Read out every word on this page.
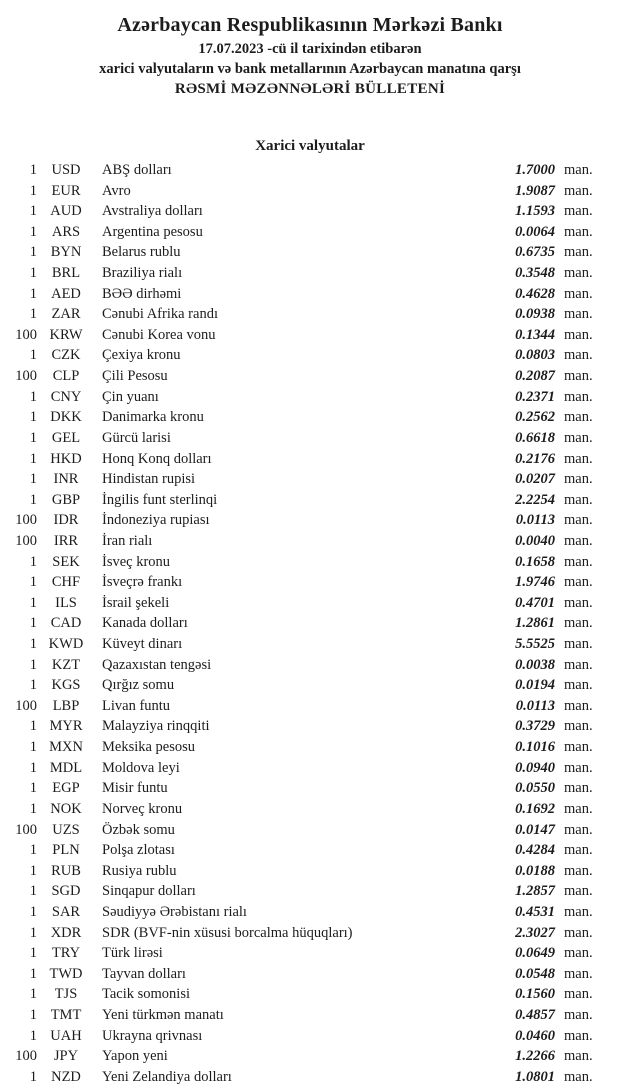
Azərbaycan Respublikasının Mərkəzi Bankı
17.07.2023 -cü il tarixindən etibarən
xarici valyutaların və bank metallarının Azərbaycan manatına qarşı
RƏSMİ MƏZƏNNƏLƏRİ BÜLLETENİ
Xarici valyutalar
1 USD	ABŞ dolları	1.7000 man.
1	EUR	Avro	1.9087 man.
1 AUD	Avstraliya dolları	1.1593 man.
1	ARS	Argentina pesosu	0.0064 man.
1 BYN	Belarus rublu	0.6735 man.
1	BRL	Braziliya rialı	0.3548 man.
1 AED	BƏƏ dirhəmi	0.4628 man.
1	ZAR	Cənubi Afrika randı	0.0938 man.
100 KRW	Cənubi Korea vonu	0.1344 man.
1	CZK	Çexiya kronu	0.0803 man.
100	CLP	Çili Pesosu	0.2087 man.
1 CNY	Çin yuanı	0.2371 man.
1 DKK	Danimarka kronu	0.2562 man.
1	GEL	Gürcü larisi	0.6618 man.
1 HKD	Honq Konq dolları	0.2176 man.
1	INR	Hindistan rupisi	0.0207 man.
1	GBP	İngilis funt sterlinqi	2.2254 man.
100	IDR	İndoneziya rupiası	0.0113 man.
100	IRR	İran rialı	0.0040 man.
1	SEK	İsveç kronu	0.1658 man.
1	CHF	İsveçrə frankı	1.9746 man.
1	ILS	İsrail şekeli	0.4701 man.
1 CAD	Kanada dolları	1.2861 man.
1 KWD	Küveyt dinarı	5.5525 man.
1	KZT	Qazaxıstan tengəsi	0.0038 man.
1 KGS	Qırğız somu	0.0194 man.
100	LBP	Livan funtu	0.0113 man.
1 MYR	Malayziya rinqqiti	0.3729 man.
1 MXN	Meksika pesosu	0.1016 man.
1 MDL	Moldova leyi	0.0940 man.
1	EGP	Misir funtu	0.0550 man.
1 NOK	Norveç kronu	0.1692 man.
100	UZS	Özbək somu	0.0147 man.
1	PLN	Polşa zlotası	0.4284 man.
1 RUB	Rusiya rublu	0.0188 man.
1 SGD	Sinqapur dolları	1.2857 man.
1	SAR	Səudiyyə Ərəbistanı rialı	0.4531 man.
1 XDR	SDR (BVF-nin xüsusi borcalma hüquqları)	2.3027 man.
1	TRY	Türk lirəsi	0.0649 man.
1 TWD	Tayvan dolları	0.0548 man.
1	TJS	Tacik somonisi	0.1560 man.
1 TMT	Yeni türkmən manatı	0.4857 man.
1 UAH	Ukrayna qrivnası	0.0460 man.
100	JPY	Yapon yeni	1.2266 man.
1 NZD	Yeni Zelandiya dolları	1.0801 man.
